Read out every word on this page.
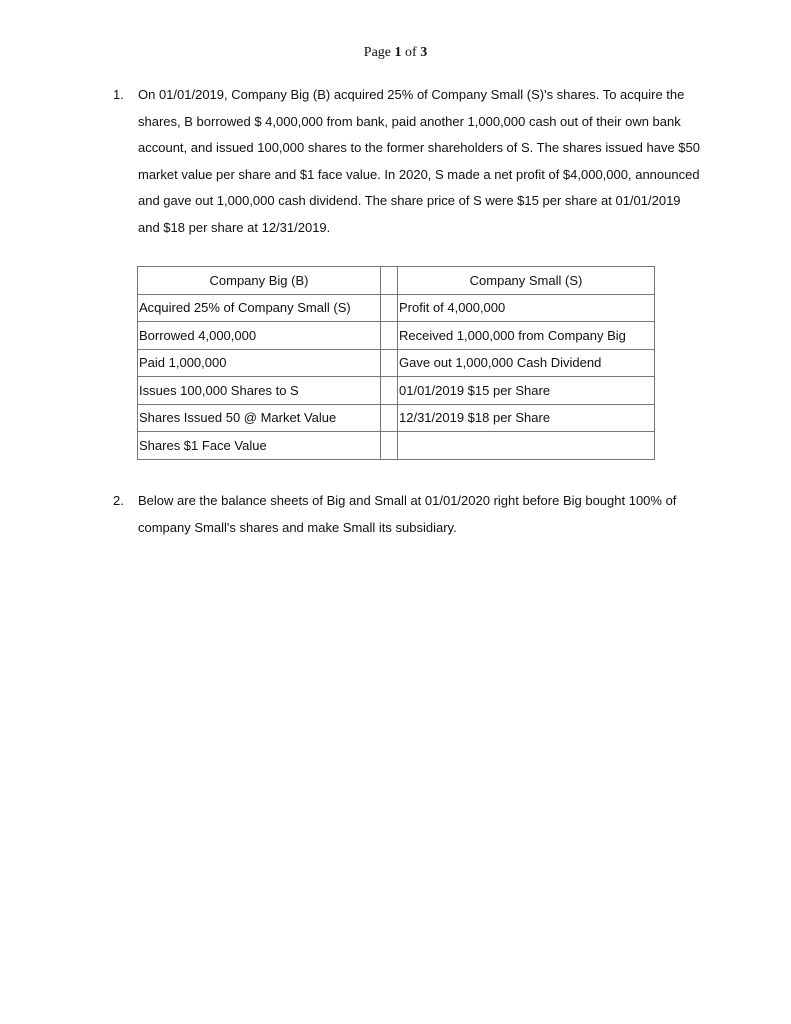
Page 1 of 3
1. On 01/01/2019, Company Big (B) acquired 25% of Company Small (S)'s shares. To acquire the
shares, B borrowed $ 4,000,000 from bank, paid another 1,000,000 cash out of their own bank
account, and issued 100,000 shares to the former shareholders of S. The shares issued have $50
market value per share and $1 face value. In 2020, S made a net profit of $4,000,000, announced
and gave out 1,000,000 cash dividend. The share price of S were $15 per share at 01/01/2019
and $18 per share at 12/31/2019.
Company Big (B)		Company Small (S)
Acquired 25% of Company Small (S)		Profit of 4,000,000
Borrowed 4,000,000		Received 1,000,000 from Company Big
Paid 1,000,000		Gave out 1,000,000 Cash Dividend
Issues 100,000 Shares to S		01/01/2019 $15 per Share
Shares Issued 50 @ Market Value		12/31/2019 $18 per Share
Shares $1 Face Value		
2. Below are the balance sheets of Big and Small at 01/01/2020 right before Big bought 100% of
company Small's shares and make Small its subsidiary.
